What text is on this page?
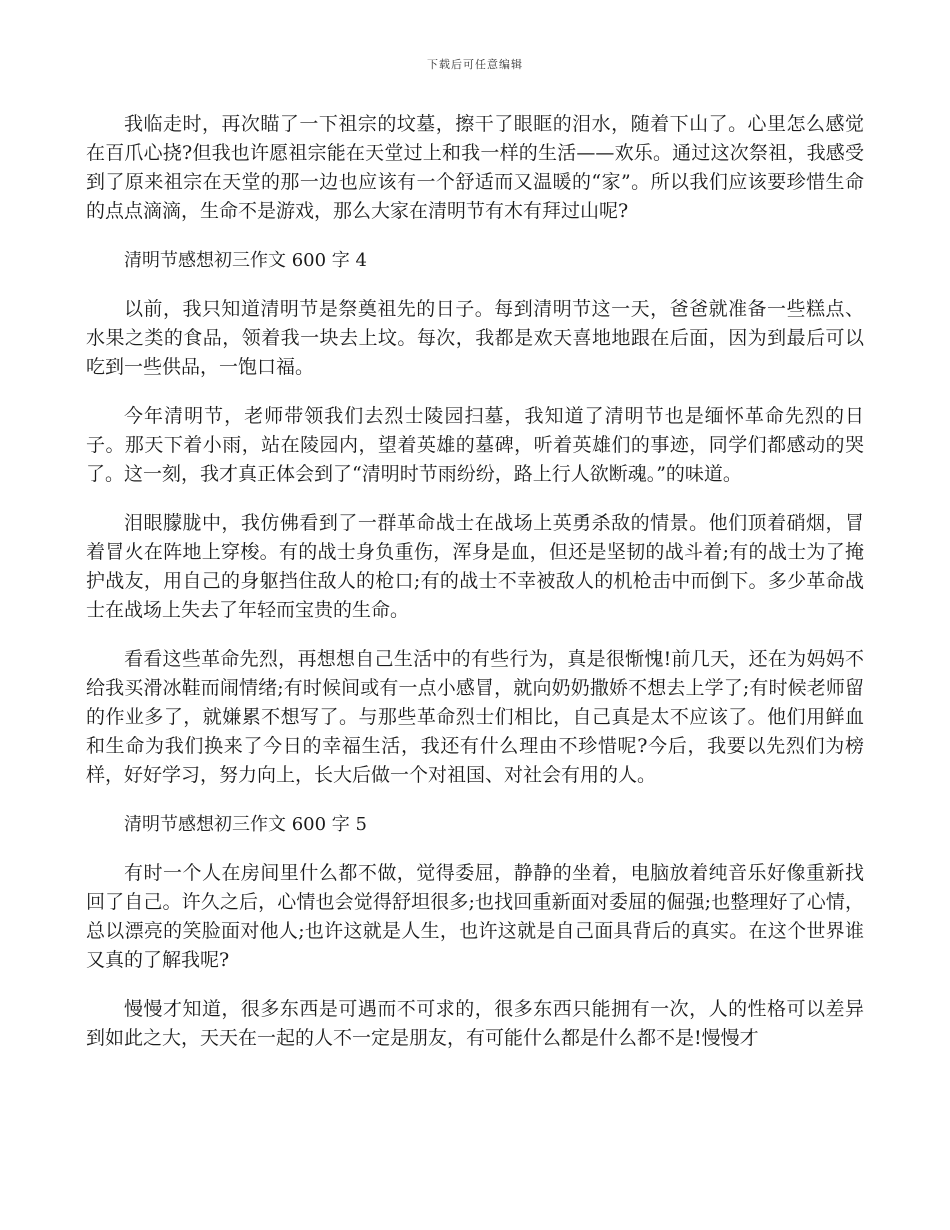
下载后可任意编辑

我临走时，再次瞄了一下祖宗的坟墓，擦干了眼眶的泪水，随着下山了。心里怎么感觉在百爪心挠?但我也许愿祖宗能在天堂过上和我一样的生活——欢乐。通过这次祭祖，我感受到了原来祖宗在天堂的那一边也应该有一个舒适而又温暖的“家”。所以我们应该要珍惜生命的点点滴滴，生命不是游戏，那么大家在清明节有木有拜过山呢?

清明节感想初三作文 600 字 4

以前，我只知道清明节是祭奠祖先的日子。每到清明节这一天，爸爸就准备一些糕点、水果之类的食品，领着我一块去上坟。每次，我都是欢天喜地地跟在后面，因为到最后可以吃到一些供品，一饱口福。

今年清明节，老师带领我们去烈士陵园扫墓，我知道了清明节也是缅怀革命先烈的日子。那天下着小雨，站在陵园内，望着英雄的墓碑，听着英雄们的事迹，同学们都感动的哭了。这一刻，我才真正体会到了“清明时节雨纷纷，路上行人欲断魂。”的味道。

泪眼朦胧中，我仿佛看到了一群革命战士在战场上英勇杀敌的情景。他们顶着硝烟，冒着冒火在阵地上穿梭。有的战士身负重伤，浑身是血，但还是坚韧的战斗着;有的战士为了掩护战友，用自己的身躯挡住敌人的枪口;有的战士不幸被敌人的机枪击中而倒下。多少革命战士在战场上失去了年轻而宝贵的生命。

看看这些革命先烈，再想想自己生活中的有些行为，真是很惭愧!前几天，还在为妈妈不给我买滑冰鞋而闹情绪;有时候间或有一点小感冒，就向奶奶撒娇不想去上学了;有时候老师留的作业多了，就嫌累不想写了。与那些革命烈士们相比，自己真是太不应该了。他们用鲜血和生命为我们换来了今日的幸福生活，我还有什么理由不珍惜呢?今后，我要以先烈们为榜样，好好学习，努力向上，长大后做一个对祖国、对社会有用的人。

清明节感想初三作文 600 字 5

有时一个人在房间里什么都不做，觉得委屈，静静的坐着，电脑放着纯音乐好像重新找回了自己。许久之后，心情也会觉得舒坦很多;也找回重新面对委屈的倔强;也整理好了心情，总以漂亮的笑脸面对他人;也许这就是人生，也许这就是自己面具背后的真实。在这个世界谁又真的了解我呢?

慢慢才知道，很多东西是可遇而不可求的，很多东西只能拥有一次，人的性格可以差异到如此之大，天天在一起的人不一定是朋友，有可能什么都是什么都不是!慢慢才
